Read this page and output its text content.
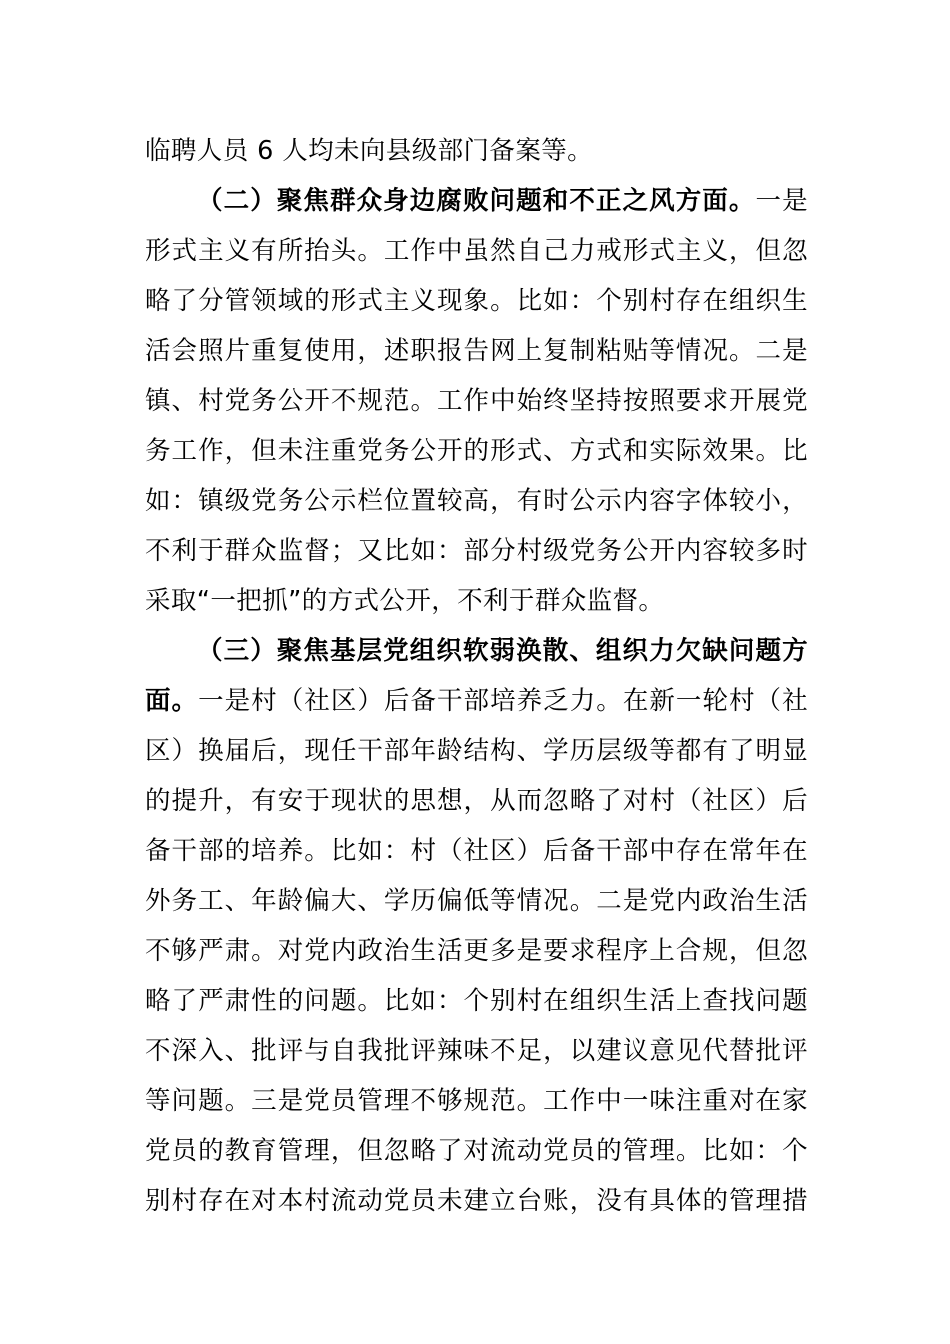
临聘人员 6 人均未向县级部门备案等。
（二）聚焦群众身边腐败问题和不正之风方面。一是
形式主义有所抬头。工作中虽然自己力戒形式主义，但忽
略了分管领域的形式主义现象。比如：个别村存在组织生
活会照片重复使用，述职报告网上复制粘贴等情况。二是
镇、村党务公开不规范。工作中始终坚持按照要求开展党
务工作，但未注重党务公开的形式、方式和实际效果。比
如：镇级党务公示栏位置较高，有时公示内容字体较小，
不利于群众监督；又比如：部分村级党务公开内容较多时
采取“一把抓”的方式公开，不利于群众监督。
（三）聚焦基层党组织软弱涣散、组织力欠缺问题方
面。一是村（社区）后备干部培养乏力。在新一轮村（社
区）换届后，现任干部年龄结构、学历层级等都有了明显
的提升，有安于现状的思想，从而忽略了对村（社区）后
备干部的培养。比如：村（社区）后备干部中存在常年在
外务工、年龄偏大、学历偏低等情况。二是党内政治生活
不够严肃。对党内政治生活更多是要求程序上合规，但忽
略了严肃性的问题。比如：个别村在组织生活上查找问题
不深入、批评与自我批评辣味不足，以建议意见代替批评
等问题。三是党员管理不够规范。工作中一味注重对在家
党员的教育管理，但忽略了对流动党员的管理。比如：个
别村存在对本村流动党员未建立台账，没有具体的管理措
